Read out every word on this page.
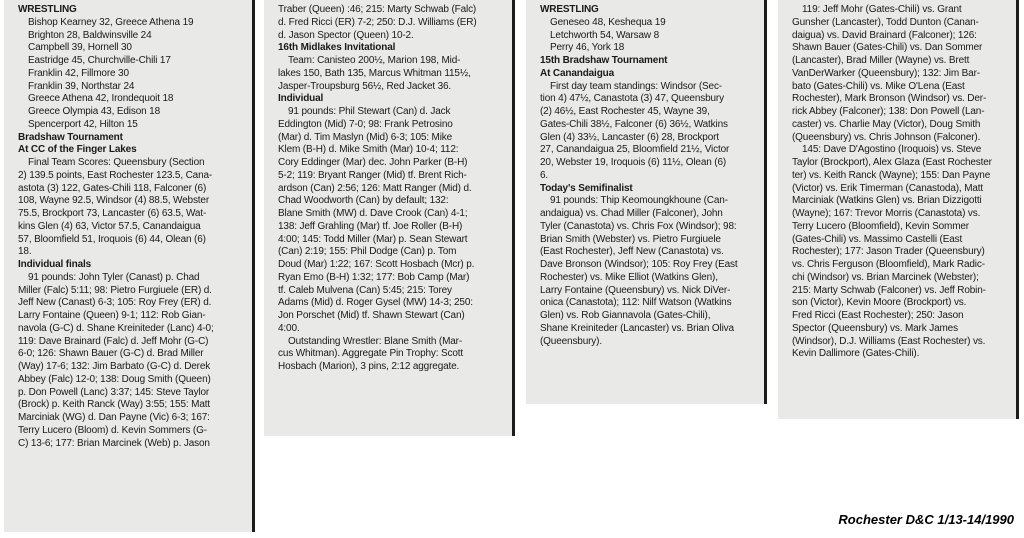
WRESTLING
Bishop Kearney 32, Greece Athena 19
Brighton 28, Baldwinsville 24
Campbell 39, Hornell 30
Eastridge 45, Churchville-Chili 17
Franklin 42, Fillmore 30
Franklin 39, Northstar 24
Greece Athena 42, Irondequoit 18
Greece Olympia 43, Edison 18
Spencerport 42, Hilton 15
Bradshaw Tournament
At CC of the Finger Lakes
Final Team Scores: Queensbury (Section
2) 139.5 points, East Rochester 123.5, Cana-
astota (3) 122, Gates-Chili 118, Falconer (6)
108, Wayne 92.5, Windsor (4) 88.5, Webster
75.5, Brockport 73, Lancaster (6) 63.5, Wat-
kins Glen (4) 63, Victor 57.5, Canandaigua
57, Bloomfield 51, Iroquois (6) 44, Olean (6)
18.
Individual finals
91 pounds: John Tyler (Canast) p. Chad
Miller (Falc) 5:11; 98: Pietro Furgiuele (ER) d.
Jeff New (Canast) 6-3; 105: Roy Frey (ER) d.
Larry Fontaine (Queen) 9-1; 112: Rob Gian-
navola (G-C) d. Shane Kreiniteder (Lanc) 4-0;
119: Dave Brainard (Falc) d. Jeff Mohr (G-C)
6-0; 126: Shawn Bauer (G-C) d. Brad Miller
(Way) 17-6; 132: Jim Barbato (G-C) d. Derek
Abbey (Falc) 12-0; 138: Doug Smith (Queen)
p. Don Powell (Lanc) 3:37; 145: Steve Taylor
(Brock) p. Keith Ranck (Way) 3:55; 155: Matt
Marciniak (WG) d. Dan Payne (Vic) 6-3; 167:
Terry Lucero (Bloom) d. Kevin Sommers (G-
C) 13-6; 177: Brian Marcinek (Web) p. Jason
Traber (Queen) :46; 215: Marty Schwab (Falc)
d. Fred Ricci (ER) 7-2; 250: D.J. Williams (ER)
d. Jason Spector (Queen) 10-2.
16th Midlakes Invitational
Team: Canisteo 200½, Marion 198, Mid-
lakes 150, Bath 135, Marcus Whitman 115½,
Jasper-Troupsburg 56½, Red Jacket 36.
Individual
91 pounds: Phil Stewart (Can) d. Jack
Eddington (Mid) 7-0; 98: Frank Petrosino
(Mar) d. Tim Maslyn (Mid) 6-3; 105: Mike
Klem (B-H) d. Mike Smith (Mar) 10-4; 112:
Cory Eddinger (Mar) dec. John Parker (B-H)
5-2; 119: Bryant Ranger (Mid) tf. Brent Rich-
ardson (Can) 2:56; 126: Matt Ranger (Mid) d.
Chad Woodworth (Can) by default; 132:
Blane Smith (MW) d. Dave Crook (Can) 4-1;
138: Jeff Grahling (Mar) tf. Joe Roller (B-H)
4:00; 145: Todd Miller (Mar) p. Sean Stewart
(Can) 2:19; 155: Phil Dodge (Can) p. Tom
Doud (Mar) 1:22; 167: Scott Hosbach (Mcr) p.
Ryan Emo (B-H) 1:32; 177: Bob Camp (Mar)
tf. Caleb Mulvena (Can) 5:45; 215: Torey
Adams (Mid) d. Roger Gysel (MW) 14-3; 250:
Jon Porschet (Mid) tf. Shawn Stewart (Can)
4:00.
Outstanding Wrestler: Blane Smith (Mar-
cus Whitman). Aggregate Pin Trophy: Scott
Hosbach (Marion), 3 pins, 2:12 aggregate.
WRESTLING
Geneseo 48, Keshequa 19
Letchworth 54, Warsaw 8
Perry 46, York 18
15th Bradshaw Tournament
At Canandaigua
First day team standings: Windsor (Sec-
tion 4) 47½, Canastota (3) 47, Queensbury
(2) 46½, East Rochester 45, Wayne 39,
Gates-Chili 38½, Falconer (6) 36½, Watkins
Glen (4) 33½, Lancaster (6) 28, Brockport
27, Canandaigua 25, Bloomfield 21½, Victor
20, Webster 19, Iroquois (6) 11½, Olean (6)
6.
Today's Semifinalist
91 pounds: Thip Keomoungkhoune (Can-
andaigua) vs. Chad Miller (Falconer), John
Tyler (Canastota) vs. Chris Fox (Windsor); 98:
Brian Smith (Webster) vs. Pietro Furgiuele
(East Rochester), Jeff New (Canastota) vs.
Dave Bronson (Windsor); 105: Roy Frey (East
Rochester) vs. Mike Elliot (Watkins Glen),
Larry Fontaine (Queensbury) vs. Nick DiVer-
onica (Canastota); 112: Nilf Watson (Watkins
Glen) vs. Rob Giannavola (Gates-Chili),
Shane Kreiniteder (Lancaster) vs. Brian Oliva
(Queensbury).
119: Jeff Mohr (Gates-Chili) vs. Grant
Gunsher (Lancaster), Todd Dunton (Canan-
daigua) vs. David Brainard (Falconer); 126:
Shawn Bauer (Gates-Chili) vs. Dan Sommer
(Lancaster), Brad Miller (Wayne) vs. Brett
VanDerWarker (Queensbury); 132: Jim Bar-
bato (Gates-Chili) vs. Mike O'Lena (East
Rochester), Mark Bronson (Windsor) vs. Der-
rick Abbey (Falconer); 138: Don Powell (Lan-
caster) vs. Charlie May (Victor), Doug Smith
(Queensbury) vs. Chris Johnson (Falconer).
145: Dave D'Agostino (Iroquois) vs. Steve
Taylor (Brockport), Alex Glaza (East Rochester
ter) vs. Keith Ranck (Wayne); 155: Dan Payne
(Victor) vs. Erik Timerman (Canastoda), Matt
Marciniak (Watkins Glen) vs. Brian Dizzigotti
(Wayne); 167: Trevor Morris (Canastota) vs.
Terry Lucero (Bloomfield), Kevin Sommer
(Gates-Chili) vs. Massimo Castelli (East
Rochester); 177: Jason Trader (Queensbury)
vs. Chris Ferguson (Bloomfield), Mark Radic-
chi (Windsor) vs. Brian Marcinek (Webster);
215: Marty Schwab (Falconer) vs. Jeff Robin-
son (Victor), Kevin Moore (Brockport) vs.
Fred Ricci (East Rochester); 250: Jason
Spector (Queensbury) vs. Mark James
(Windsor), D.J. Williams (East Rochester) vs.
Kevin Dallimore (Gates-Chili).
Rochester D&C 1/13-14/1990
